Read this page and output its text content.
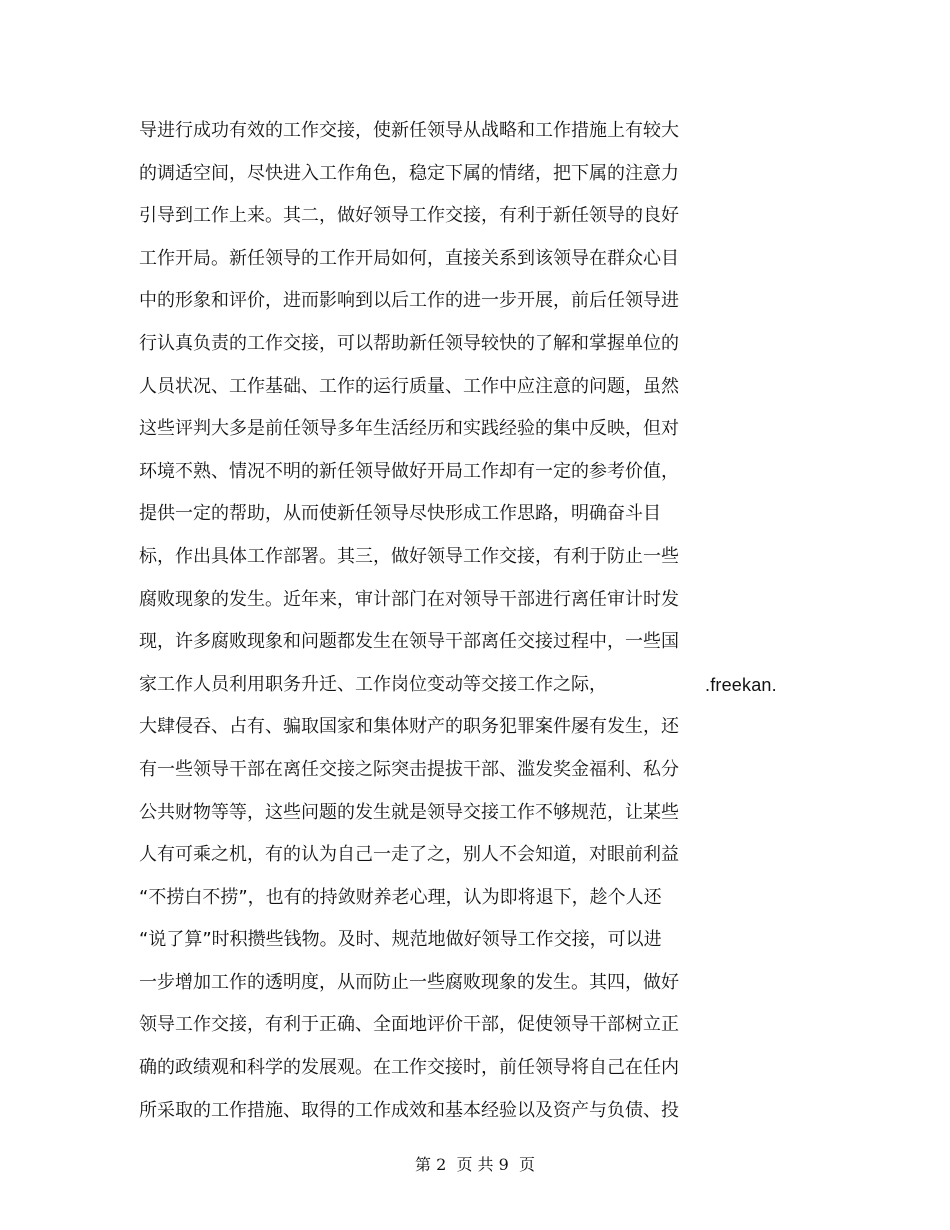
导进行成功有效的工作交接，使新任领导从战略和工作措施上有较大
的调适空间，尽快进入工作角色，稳定下属的情绪，把下属的注意力
引导到工作上来。其二，做好领导工作交接，有利于新任领导的良好
工作开局。新任领导的工作开局如何，直接关系到该领导在群众心目
中的形象和评价，进而影响到以后工作的进一步开展，前后任领导进
行认真负责的工作交接，可以帮助新任领导较快的了解和掌握单位的
人员状况、工作基础、工作的运行质量、工作中应注意的问题，虽然
这些评判大多是前任领导多年生活经历和实践经验的集中反映，但对
环境不熟、情况不明的新任领导做好开局工作却有一定的参考价值，
提供一定的帮助，从而使新任领导尽快形成工作思路，明确奋斗目
标，作出具体工作部署。其三，做好领导工作交接，有利于防止一些
腐败现象的发生。近年来，审计部门在对领导干部进行离任审计时发
现，许多腐败现象和问题都发生在领导干部离任交接过程中，一些国
家工作人员利用职务升迁、工作岗位变动等交接工作之际，	.freekan.
大肆侵吞、占有、骗取国家和集体财产的职务犯罪案件屡有发生，还
有一些领导干部在离任交接之际突击提拔干部、滥发奖金福利、私分
公共财物等等，这些问题的发生就是领导交接工作不够规范，让某些
人有可乘之机，有的认为自己一走了之，别人不会知道，对眼前利益
“不捞白不捞”，也有的持敛财养老心理，认为即将退下，趁个人还
“说了算”时积攒些钱物。及时、规范地做好领导工作交接，可以进
一步增加工作的透明度，从而防止一些腐败现象的发生。其四，做好
领导工作交接，有利于正确、全面地评价干部，促使领导干部树立正
确的政绩观和科学的发展观。在工作交接时，前任领导将自己在任内
所采取的工作措施、取得的工作成效和基本经验以及资产与负债、投
第 2  页 共 9  页
